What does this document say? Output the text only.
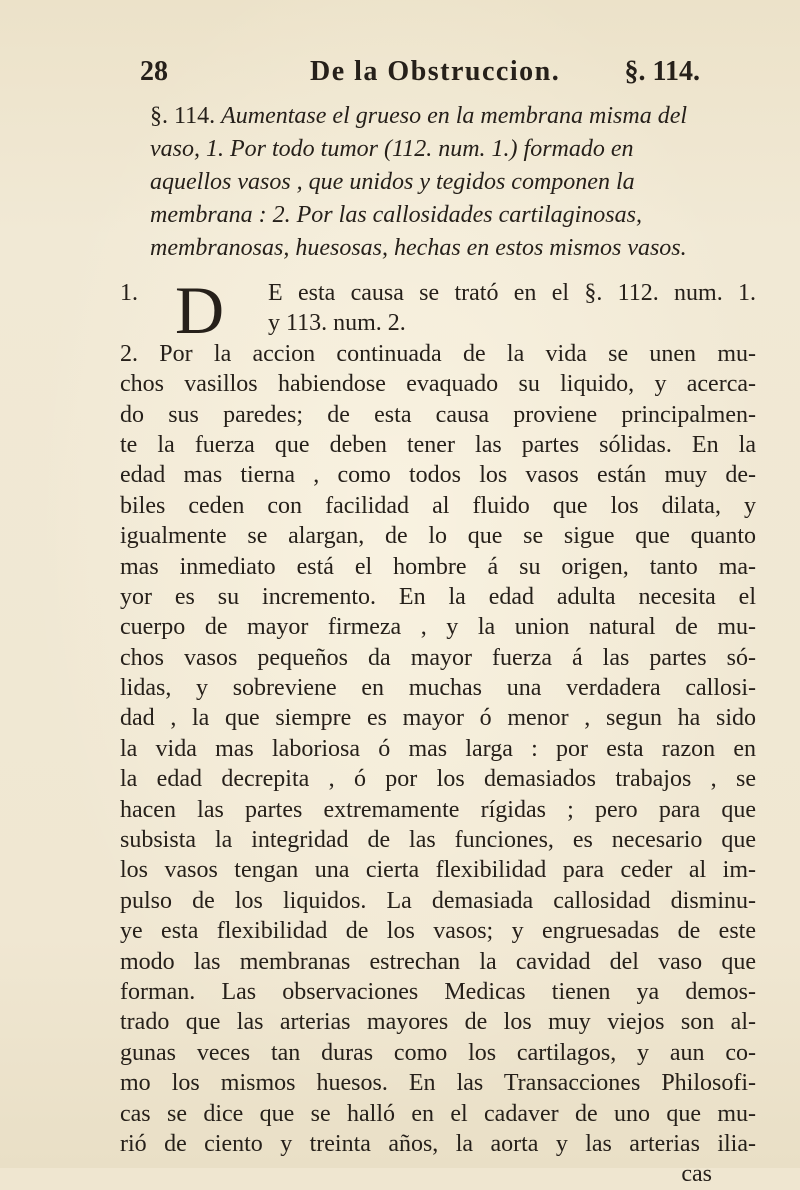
28	De la Obstruccion. §. 114.
§. 114. Aumentase el grueso en la membrana misma del
vaso, 1. Por todo tumor (112. num. 1.) formado en
aquellos vasos , que unidos y tegidos componen la
membrana : 2. Por las callosidades cartilaginosas,
membranosas, huesosas, hechas en estos mismos vasos.
1. D	E esta causa se trató en el §. 112. num. 1.
y 113. num. 2.
2. Por la accion continuada de la vida se unen mu-
chos vasillos habiendose evaquado su liquido, y acerca-
do sus paredes; de esta causa proviene principalmen-
te la fuerza que deben tener las partes sólidas. En la
edad mas tierna , como todos los vasos están muy de-
biles ceden con facilidad al fluido que los dilata, y
igualmente se alargan, de lo que se sigue que quanto
mas inmediato está el hombre á su origen, tanto ma-
yor es su incremento. En la edad adulta necesita el
cuerpo de mayor firmeza , y la union natural de mu-
chos vasos pequeños da mayor fuerza á las partes só-
lidas, y sobreviene en muchas una verdadera callosi-
dad , la que siempre es mayor ó menor , segun ha sido
la vida mas laboriosa ó mas larga : por esta razon en
la edad decrepita , ó por los demasiados trabajos , se
hacen las partes extremamente rígidas ; pero para que
subsista la integridad de las funciones, es necesario que
los vasos tengan una cierta flexibilidad para ceder al im-
pulso de los liquidos. La demasiada callosidad disminu-
ye esta flexibilidad de los vasos; y engruesadas de este
modo las membranas estrechan la cavidad del vaso que
forman. Las observaciones Medicas tienen ya demos-
trado que las arterias mayores de los muy viejos son al-
gunas veces tan duras como los cartilagos, y aun co-
mo los mismos huesos. En las Transacciones Philosofi-
cas se dice que se halló en el cadaver de uno que mu-
rió de ciento y treinta años, la aorta y las arterias ilia-
cas
